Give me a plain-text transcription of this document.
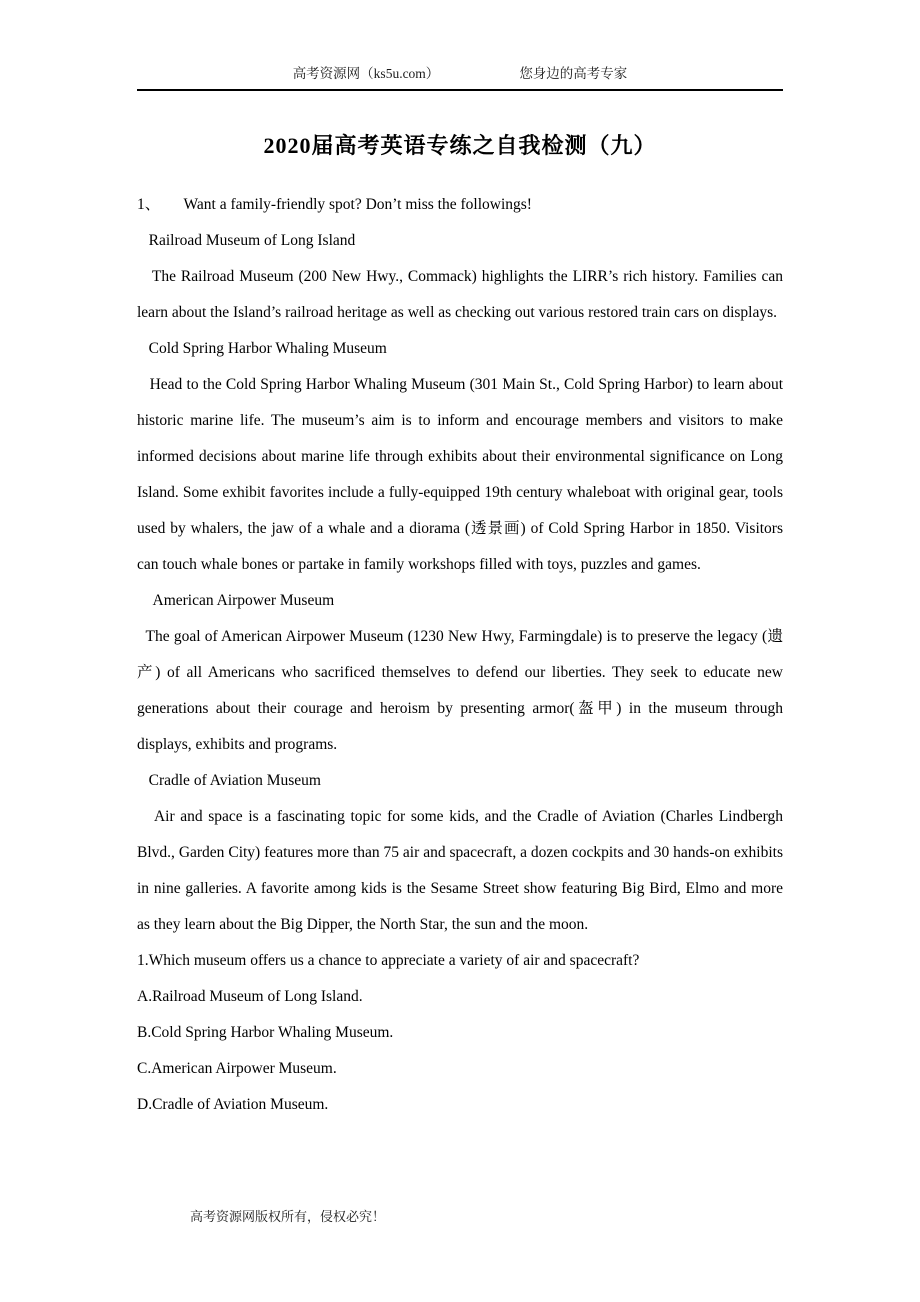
高考资源网（ks5u.com）	您身边的高考专家
2020届高考英语专练之自我检测（九）

1、      Want a family-friendly spot? Don’t miss the followings!

Railroad Museum of Long Island

The Railroad Museum (200 New Hwy., Commack) highlights the LIRR’s rich history. Families can learn about the Island’s railroad heritage as well as checking out various restored train cars on displays.

Cold Spring Harbor Whaling Museum

Head to the Cold Spring Harbor Whaling Museum (301 Main St., Cold Spring Harbor) to learn about historic marine life. The museum’s aim is to inform and encourage members and visitors to make informed decisions about marine life through exhibits about their environmental significance on Long Island. Some exhibit favorites include a fully-equipped 19th century whaleboat with original gear, tools used by whalers, the jaw of a whale and a diorama (透景画) of Cold Spring Harbor in 1850. Visitors can touch whale bones or partake in family workshops filled with toys, puzzles and games.

American Airpower Museum

The goal of American Airpower Museum (1230 New Hwy, Farmingdale) is to preserve the legacy (遗产) of all Americans who sacrificed themselves to defend our liberties. They seek to educate new generations about their courage and heroism by presenting armor(盔甲) in the museum through displays, exhibits and programs.

Cradle of Aviation Museum

Air and space is a fascinating topic for some kids, and the Cradle of Aviation (Charles Lindbergh Blvd., Garden City) features more than 75 air and spacecraft, a dozen cockpits and 30 hands-on exhibits in nine galleries. A favorite among kids is the Sesame Street show featuring Big Bird, Elmo and more as they learn about the Big Dipper, the North Star, the sun and the moon.

1.Which museum offers us a chance to appreciate a variety of air and spacecraft?

A.Railroad Museum of Long Island.

B.Cold Spring Harbor Whaling Museum.

C.American Airpower Museum.

D.Cradle of Aviation Museum.

高考资源网版权所有，侵权必究！
